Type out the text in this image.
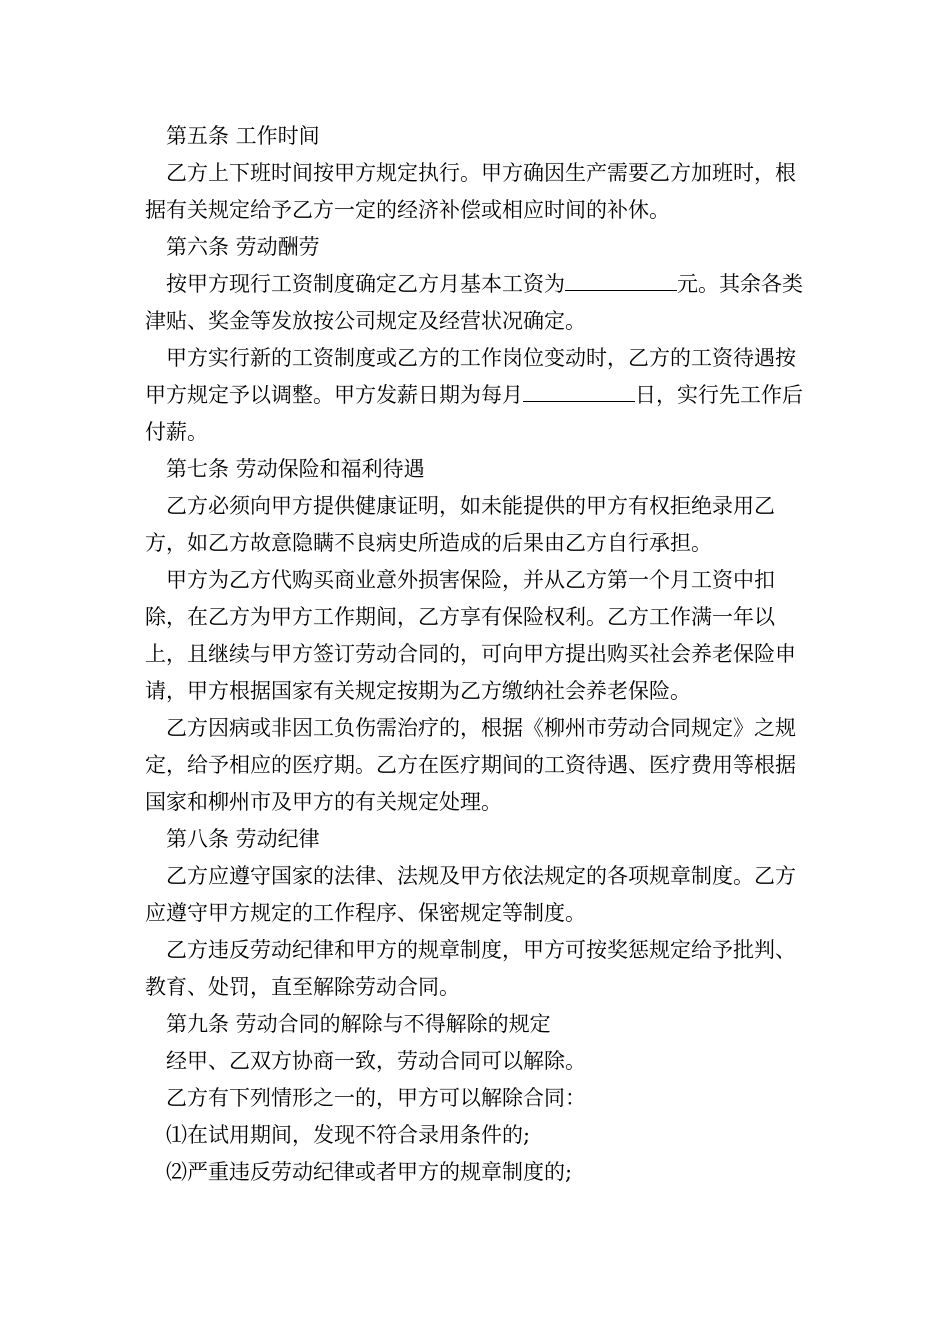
第五条 工作时间

乙方上下班时间按甲方规定执行。甲方确因生产需要乙方加班时，根据有关规定给予乙方一定的经济补偿或相应时间的补休。

第六条 劳动酬劳

按甲方现行工资制度确定乙方月基本工资为	元。其余各类津贴、奖金等发放按公司规定及经营状况确定。

甲方实行新的工资制度或乙方的工作岗位变动时，乙方的工资待遇按甲方规定予以调整。甲方发薪日期为每月	日，实行先工作后付薪。

第七条 劳动保险和福利待遇

乙方必须向甲方提供健康证明，如未能提供的甲方有权拒绝录用乙方，如乙方故意隐瞒不良病史所造成的后果由乙方自行承担。

甲方为乙方代购买商业意外损害保险，并从乙方第一个月工资中扣除，在乙方为甲方工作期间，乙方享有保险权利。乙方工作满一年以上，且继续与甲方签订劳动合同的，可向甲方提出购买社会养老保险申请，甲方根据国家有关规定按期为乙方缴纳社会养老保险。

乙方因病或非因工负伤需治疗的，根据《柳州市劳动合同规定》之规定，给予相应的医疗期。乙方在医疗期间的工资待遇、医疗费用等根据国家和柳州市及甲方的有关规定处理。

第八条 劳动纪律

乙方应遵守国家的法律、法规及甲方依法规定的各项规章制度。乙方应遵守甲方规定的工作程序、保密规定等制度。

乙方违反劳动纪律和甲方的规章制度，甲方可按奖惩规定给予批判、教育、处罚，直至解除劳动合同。

第九条 劳动合同的解除与不得解除的规定

经甲、乙双方协商一致，劳动合同可以解除。

乙方有下列情形之一的，甲方可以解除合同：

⑴在试用期间，发现不符合录用条件的;

⑵严重违反劳动纪律或者甲方的规章制度的;
